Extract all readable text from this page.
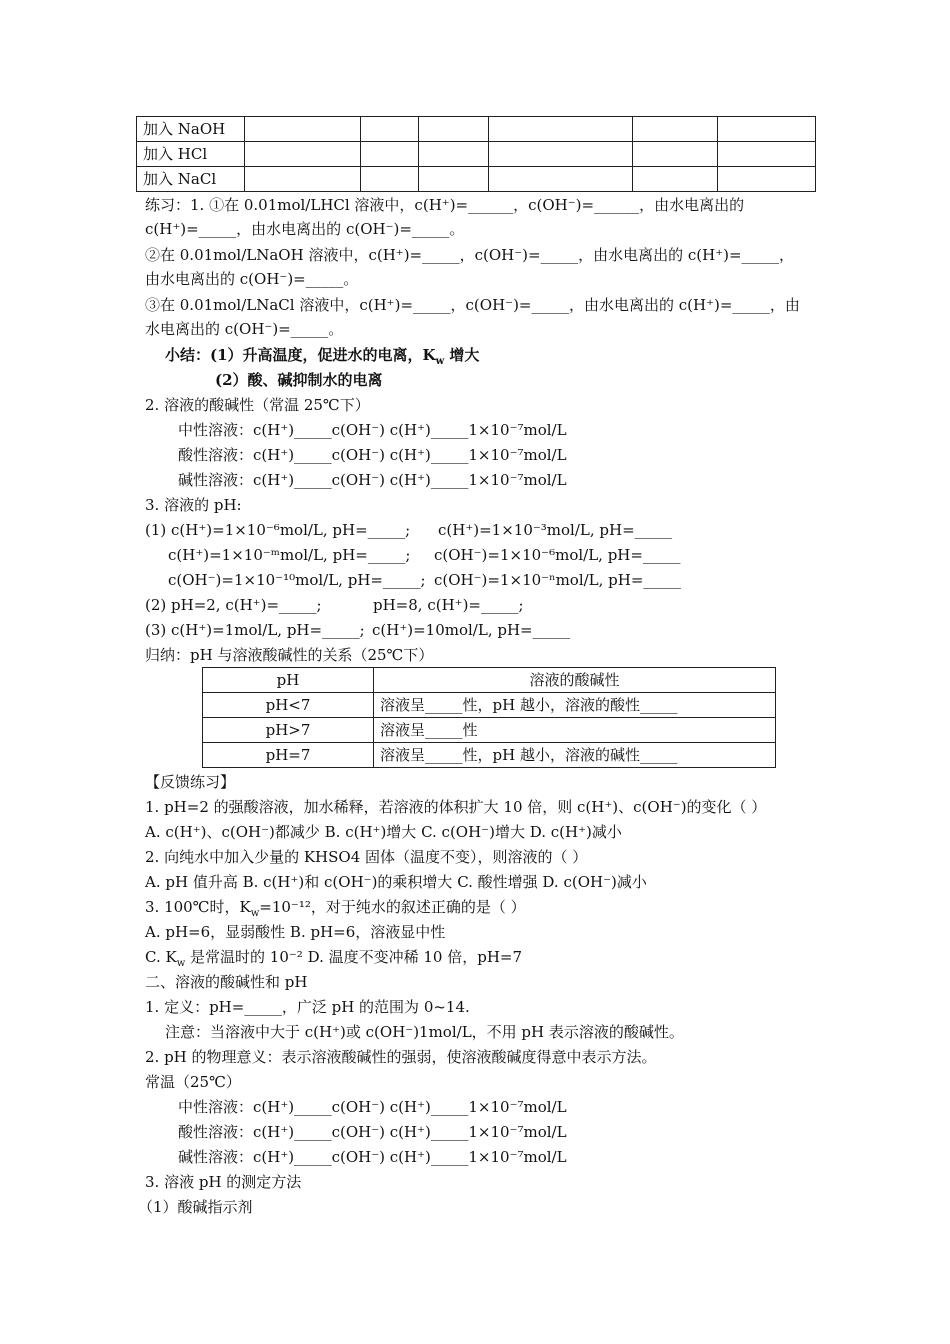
加入 NaOH						
加入 HCl						
加入 NaCl						
练习：1. ①在 0.01mol/LHCl 溶液中，c(H⁺)=______，c(OH⁻)=______，由水电离出的
c(H⁺)=_____，由水电离出的 c(OH⁻)=_____。
②在 0.01mol/LNaOH 溶液中，c(H⁺)=_____，c(OH⁻)=_____，由水电离出的 c(H⁺)=_____，
由水电离出的 c(OH⁻)=_____。
③在 0.01mol/LNaCl 溶液中，c(H⁺)=_____，c(OH⁻)=_____，由水电离出的 c(H⁺)=_____，由
水电离出的 c(OH⁻)=_____。
小结：(1）升高温度，促进水的电离，$K_w$ 增大
(2）酸、碱抑制水的电离
2. 溶液的酸碱性（常温 25℃下）
中性溶液：c(H⁺)_____c(OH⁻) c(H⁺)_____1×10⁻⁷mol/L
酸性溶液：c(H⁺)_____c(OH⁻) c(H⁺)_____1×10⁻⁷mol/L
碱性溶液：c(H⁺)_____c(OH⁻) c(H⁺)_____1×10⁻⁷mol/L
3. 溶液的 pH:
(1) c(H⁺)=1×10⁻⁶mol/L, pH=_____; c(H⁺)=1×10⁻³mol/L, pH=_____
c(H⁺)=1×10⁻ᵐmol/L, pH=_____; c(OH⁻)=1×10⁻⁶mol/L, pH=_____
c(OH⁻)=1×10⁻¹⁰mol/L, pH=_____; c(OH⁻)=1×10⁻ⁿmol/L, pH=_____
(2) pH=2, c(H⁺)=_____;	pH=8, c(H⁺)=_____;
(3) c(H⁺)=1mol/L, pH=_____; c(H⁺)=10mol/L, pH=_____
归纳：pH 与溶液酸碱性的关系（25℃下）
pH	溶液的酸碱性
pH<7	溶液呈_____性，pH 越小，溶液的酸性_____
pH>7	溶液呈_____性
pH=7	溶液呈_____性，pH 越小，溶液的碱性_____
【反馈练习】
1. pH=2 的强酸溶液，加水稀释，若溶液的体积扩大 10 倍，则 c(H⁺)、c(OH⁻)的变化（ ）
A. c(H⁺)、c(OH⁻)都减少 B. c(H⁺)增大 C. c(OH⁻)增大 D. c(H⁺)减小
2. 向纯水中加入少量的 KHSO4 固体（温度不变），则溶液的（ ）
A. pH 值升高 B. c(H⁺)和 c(OH⁻)的乘积增大 C. 酸性增强 D. c(OH⁻)减小
3. 100℃时，$K_w=10^{-12}$，对于纯水的叙述正确的是（ ）
A. pH=6，显弱酸性 B. pH=6，溶液显中性
C. $K_w$ 是常温时的 10⁻² D. 温度不变冲稀 10 倍，pH=7
二、溶液的酸碱性和 pH
1. 定义：pH=_____，广泛 pH 的范围为 0~14.
注意：当溶液中大于 c(H⁺)或 c(OH⁻)1mol/L，不用 pH 表示溶液的酸碱性。
2. pH 的物理意义：表示溶液酸碱性的强弱，使溶液酸碱度得意中表示方法。
常温（25℃）
中性溶液：c(H⁺)_____c(OH⁻) c(H⁺)_____1×10⁻⁷mol/L
酸性溶液：c(H⁺)_____c(OH⁻) c(H⁺)_____1×10⁻⁷mol/L
碱性溶液：c(H⁺)_____c(OH⁻) c(H⁺)_____1×10⁻⁷mol/L
3. 溶液 pH 的测定方法
（1）酸碱指示剂
